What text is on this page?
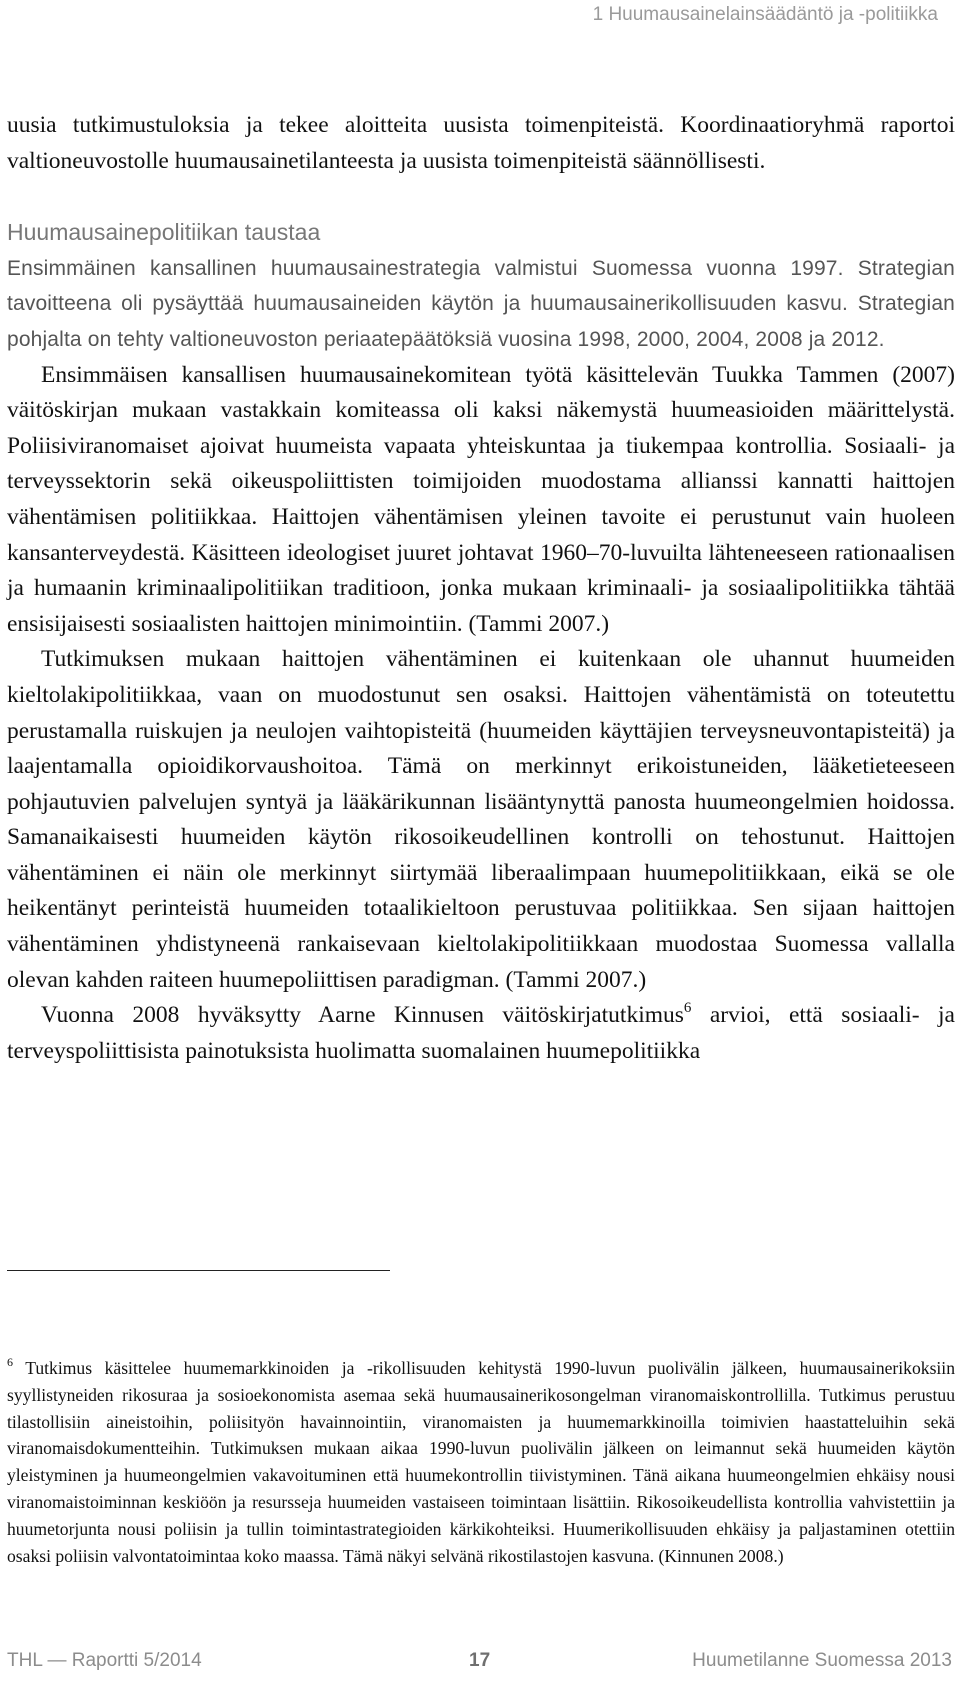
1 Huumausainelainsäädäntö ja -politiikka

uusia tutkimustuloksia ja tekee aloitteita uusista toimenpiteistä. Koordinaatioryhmä raportoi valtioneuvostolle huumausainetilanteesta ja uusista toimenpiteistä säännöllisesti.

Huumausainepolitiikan taustaa

Ensimmäinen kansallinen huumausainestrategia valmistui Suomessa vuonna 1997. Strategian tavoitteena oli pysäyttää huumausaineiden käytön ja huumausainerikollisuuden kasvu. Strategian pohjalta on tehty valtioneuvoston periaatepäätöksiä vuosina 1998, 2000, 2004, 2008 ja 2012.

Ensimmäisen kansallisen huumausainekomitean työtä käsittelevän Tuukka Tammen (2007) väitöskirjan mukaan vastakkain komiteassa oli kaksi näkemystä huumeasioiden määrittelystä. Poliisiviranomaiset ajoivat huumeista vapaata yhteiskuntaa ja tiukempaa kontrollia. Sosiaali- ja terveyssektorin sekä oikeuspoliittisten toimijoiden muodostama allianssi kannatti haittojen vähentämisen politiikkaa. Haittojen vähentämisen yleinen tavoite ei perustunut vain huoleen kansanterveydestä. Käsitteen ideologiset juuret johtavat 1960–70-luvuilta lähteneeseen rationaalisen ja humaanin kriminaalipolitiikan traditioon, jonka mukaan kriminaali- ja sosiaalipolitiikka tähtää ensisijaisesti sosiaalisten haittojen minimointiin. (Tammi 2007.)

Tutkimuksen mukaan haittojen vähentäminen ei kuitenkaan ole uhannut huumeiden kieltolakipolitiikkaa, vaan on muodostunut sen osaksi. Haittojen vähentämistä on toteutettu perustamalla ruiskujen ja neulojen vaihtopisteitä (huumeiden käyttäjien terveysneuvontapisteitä) ja laajentamalla opioidikorvaushoitoa. Tämä on merkinnyt erikoistuneiden, lääketieteeseen pohjautuvien palvelujen syntyä ja lääkärikunnan lisääntynyttä panosta huumeongelmien hoidossa. Samanaikaisesti huumeiden käytön rikosoikeudellinen kontrolli on tehostunut. Haittojen vähentäminen ei näin ole merkinnyt siirtymää liberaalimpaan huumepolitiikkaan, eikä se ole heikentänyt perinteistä huumeiden totaalikieltoon perustuvaa politiikkaa. Sen sijaan haittojen vähentäminen yhdistyneenä rankaisevaan kieltolakipolitiikkaan muodostaa Suomessa vallalla olevan kahden raiteen huumepoliittisen paradigman. (Tammi 2007.)

Vuonna 2008 hyväksytty Aarne Kinnusen väitöskirjatutkimus$^6$ arvioi, että sosiaali- ja terveyspoliittisista painotuksista huolimatta suomalainen huumepolitiikka

$^6$ Tutkimus käsittelee huumemarkkinoiden ja -rikollisuuden kehitystä 1990-luvun puolivälin jälkeen, huumausainerikoksiin syyllistyneiden rikosuraa ja sosioekonomista asemaa sekä huumausainerikosongelman viranomaiskontrollilla. Tutkimus perustuu tilastollisiin aineistoihin, poliisityön havainnointiin, viranomaisten ja huumemarkkinoilla toimivien haastatteluihin sekä viranomaisdokumentteihin. Tutkimuksen mukaan aikaa 1990-luvun puolivälin jälkeen on leimannut sekä huumeiden käytön yleistyminen ja huumeongelmien vakavoituminen että huumekontrollin tiivistyminen. Tänä aikana huumeongelmien ehkäisy nousi viranomaistoiminnan keskiöön ja resursseja huumeiden vastaiseen toimintaan lisättiin. Rikosoikeudellista kontrollia vahvistettiin ja huumetorjunta nousi poliisin ja tullin toimintastrategioiden kärkikohteiksi. Huumerikollisuuden ehkäisy ja paljastaminen otettiin osaksi poliisin valvontatoimintaa koko maassa. Tämä näkyi selvänä rikostilastojen kasvuna. (Kinnunen 2008.)

THL — Raportti 5/2014	17	Huumetilanne Suomessa 2013
